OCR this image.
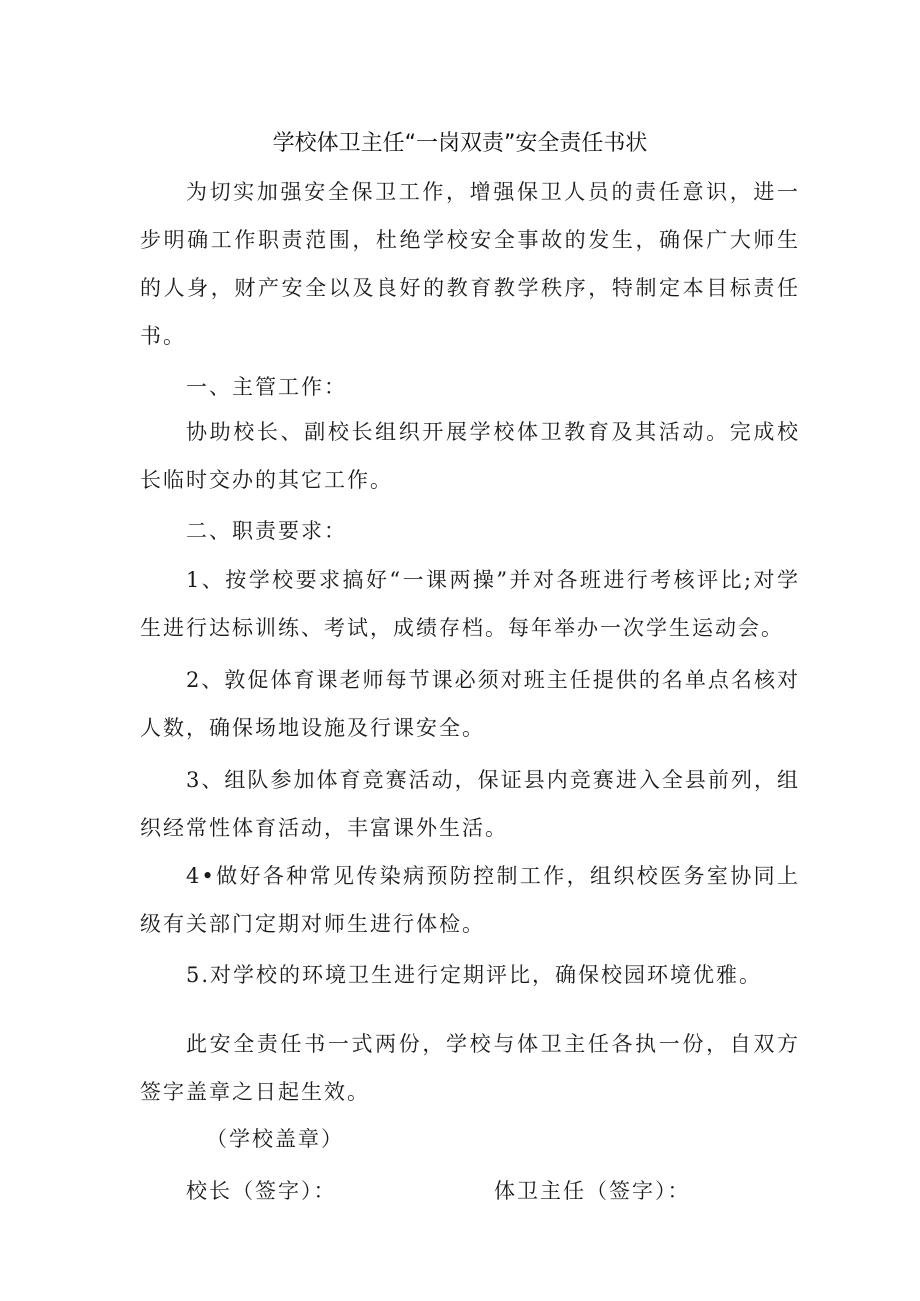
学校体卫主任“一岗双责”安全责任书状

为切实加强安全保卫工作，增强保卫人员的责任意识，进一步明确工作职责范围，杜绝学校安全事故的发生，确保广大师生的人身，财产安全以及良好的教育教学秩序，特制定本目标责任书。

一、主管工作：

协助校长、副校长组织开展学校体卫教育及其活动。完成校长临时交办的其它工作。

二、职责要求：

1、按学校要求搞好“一课两操”并对各班进行考核评比;对学生进行达标训练、考试，成绩存档。每年举办一次学生运动会。

2、敦促体育课老师每节课必须对班主任提供的名单点名核对人数，确保场地设施及行课安全。

3、组队参加体育竞赛活动，保证县内竞赛进入全县前列，组织经常性体育活动，丰富课外生活。

4•做好各种常见传染病预防控制工作，组织校医务室协同上级有关部门定期对师生进行体检。

5.对学校的环境卫生进行定期评比，确保校园环境优雅。

此安全责任书一式两份，学校与体卫主任各执一份，自双方签字盖章之日起生效。

（学校盖章）

校长（签字）：	体卫主任（签字）：
